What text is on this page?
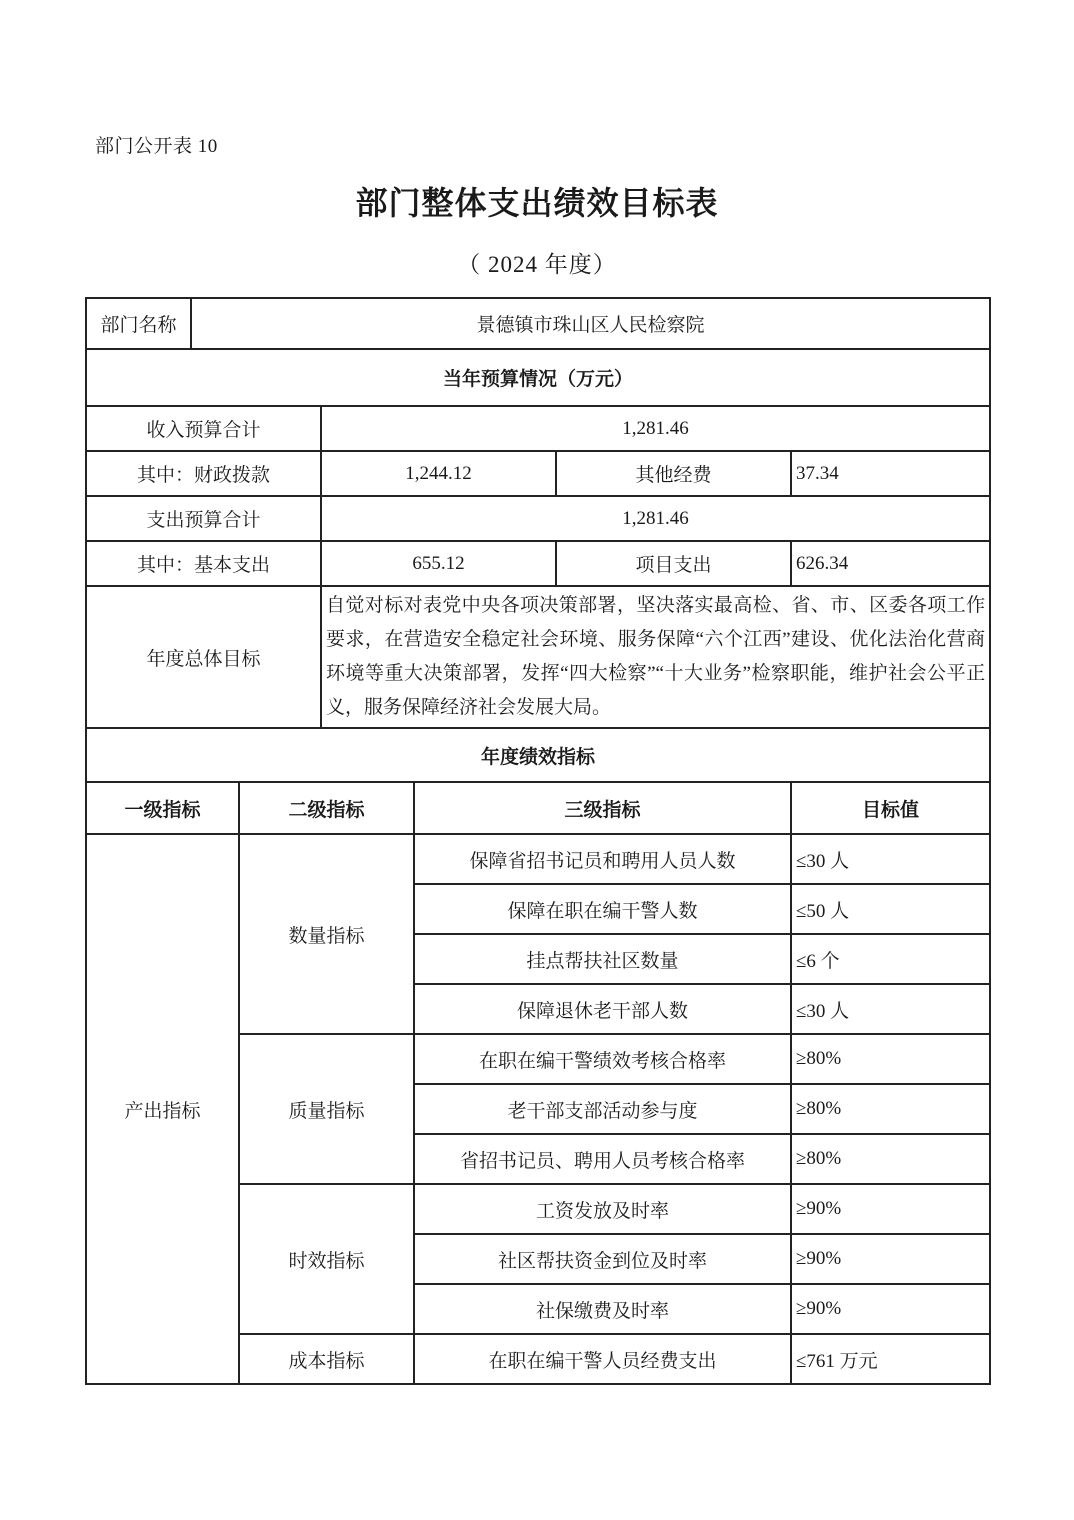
部门公开表 10
部门整体支出绩效目标表
（ 2024 年度）
部门名称	景德镇市珠山区人民检察院					
当年预算情况（万元）						
收入预算合计			1,281.46			
其中：财政拨款			1,244.12		其他经费	37.34
支出预算合计			1,281.46			
其中：基本支出			655.12		项目支出	626.34
年度总体目标			自觉对标对表党中央各项决策部署，坚决落实最高检、省、市、区委各项工作要求，在营造安全稳定社会环境、服务保障“六个江西”建设、优化法治化营商环境等重大决策部署，发挥“四大检察”“十大业务”检察职能，维护社会公平正义，服务保障经济社会发展大局。			
年度绩效指标						
一级指标		二级指标		三级指标		目标值
产出指标		数量指标		保障省招书记员和聘用人员人数		≤30 人
				保障在职在编干警人数		≤50 人
				挂点帮扶社区数量		≤6 个
				保障退休老干部人数		≤30 人
		质量指标		在职在编干警绩效考核合格率		≥80%
				老干部支部活动参与度		≥80%
				省招书记员、聘用人员考核合格率		≥80%
		时效指标		工资发放及时率		≥90%
				社区帮扶资金到位及时率		≥90%
				社保缴费及时率		≥90%
		成本指标		在职在编干警人员经费支出		≤761 万元
